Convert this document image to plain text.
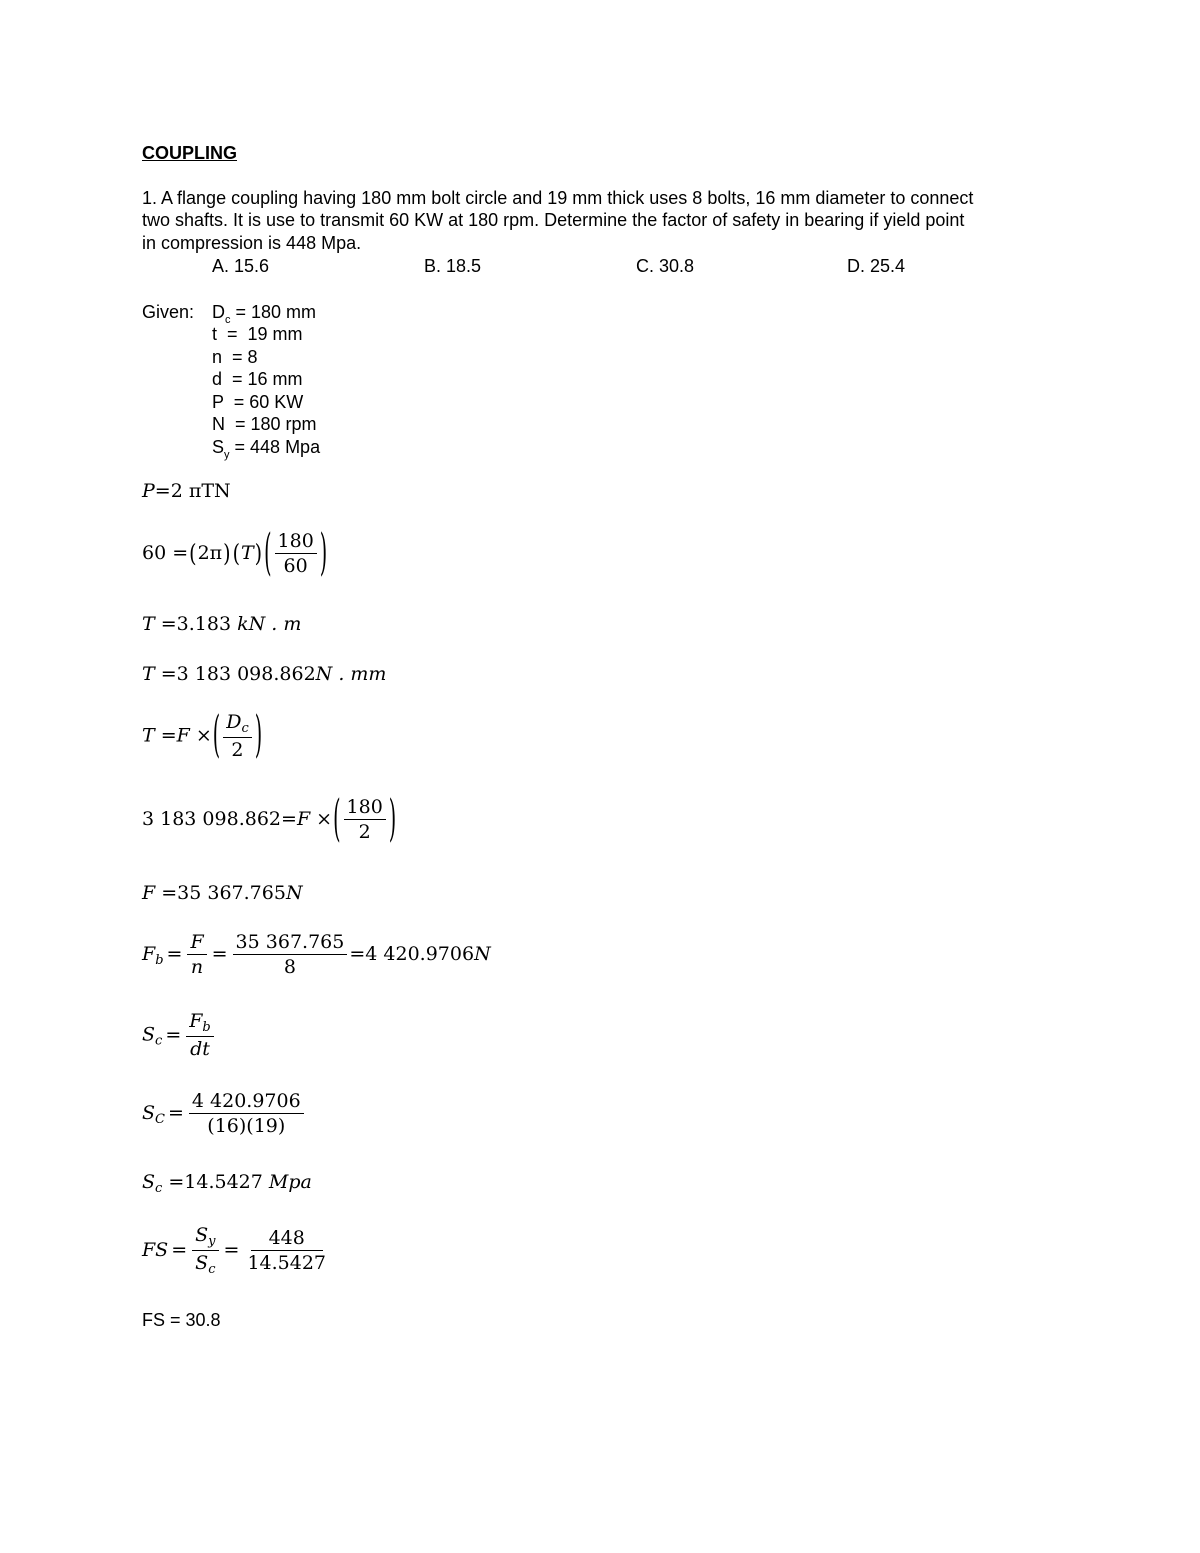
COUPLING
1. A flange coupling having 180 mm bolt circle and 19 mm thick uses 8 bolts, 16 mm diameter to connect
two shafts. It is use to transmit 60 KW at 180 rpm. Determine the factor of safety in bearing if yield point
in compression is 448 Mpa.
A. 15.6	B. 18.5	C. 30.8	D. 25.4
Given: $D_c = 180$ mm
t  =  19 mm
n  = 8
d  = 16 mm
P  = 60 KW
N  = 180 rpm
$S_y = 448$ Mpa
P=2 πTN
60 =(2π) (T) ( $\frac{180}{60}$ )
T =3.183 kN . m
T =3 183 098.862N . mm
T =F ×( $\frac{D_c}{2}$ )
3 183 098.862=F ×( $\frac{180}{2}$ )
F =35 367.765N
$F_b = \frac{F}{n} = \frac{35 367.765}{8} =4$ 420.9706N
$S_c = \frac{F_b}{dt}$
$S_C = \frac{4 420.9706}{(16)(19)}$
$S_c =14.5427$ Mpa
FS = $\frac{S_y}{S_c} = \frac{448}{14.5427}$
FS = 30.8
